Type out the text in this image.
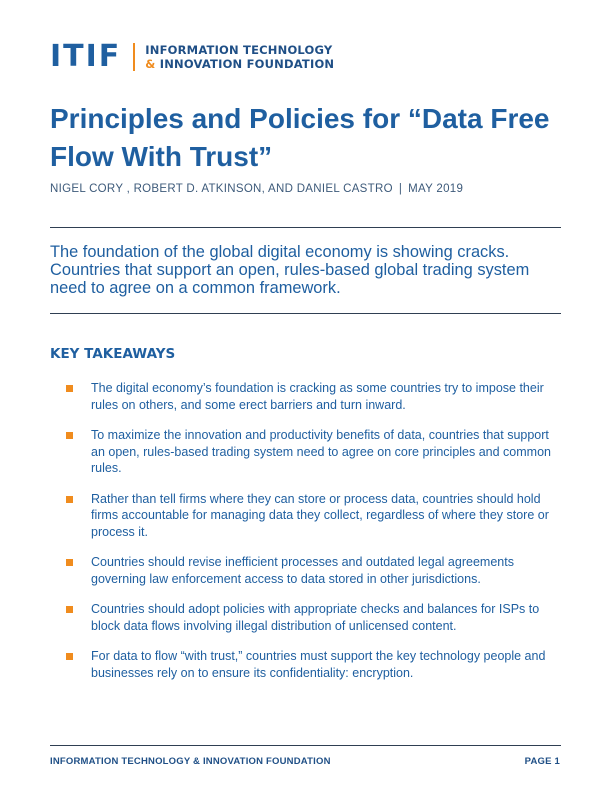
ITIF INFORMATION TECHNOLOGY
& INNOVATION FOUNDATION
Principles and Policies for “Data Free Flow With Trust”
NIGEL CORY , ROBERT D. ATKINSON, AND DANIEL CASTRO | MAY 2019

The foundation of the global digital economy is showing cracks. Countries that support an open, rules-based global trading system need to agree on a common framework.

KEY TAKEAWAYS
The digital economy’s foundation is cracking as some countries try to impose their rules on others, and some erect barriers and turn inward.
To maximize the innovation and productivity benefits of data, countries that support an open, rules-based trading system need to agree on core principles and common rules.
Rather than tell firms where they can store or process data, countries should hold firms accountable for managing data they collect, regardless of where they store or process it.
Countries should revise inefficient processes and outdated legal agreements governing law enforcement access to data stored in other jurisdictions.
Countries should adopt policies with appropriate checks and balances for ISPs to block data flows involving illegal distribution of unlicensed content.
For data to flow “with trust,” countries must support the key technology people and businesses rely on to ensure its confidentiality: encryption.
INFORMATION TECHNOLOGY & INNOVATION FOUNDATION	PAGE 1
